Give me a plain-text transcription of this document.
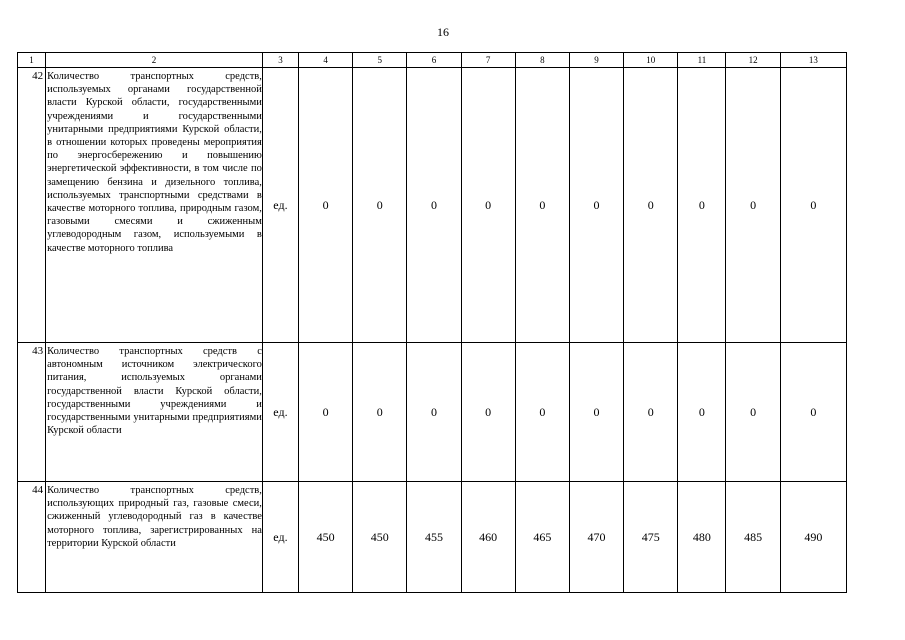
16
1	2	3	4	5	6	7	8	9	10	11	12	13
42	Количество транспортных средств, используемых органами государственной власти Курской области, государственными учреждениями и государственными унитарными предприятиями Курской области, в отношении которых проведены мероприятия по энергосбережению и повышению энергетической эффективности, в том числе по замещению бензина и дизельного топлива, используемых транспортными средствами в качестве моторного топлива, природным газом, газовыми смесями и сжиженным углеводородным газом, используемыми в качестве моторного топлива	ед.	0	0	0	0	0	0	0	0	0	0
43	Количество транспортных средств с автономным источником электрического питания, используемых органами государственной власти Курской области, государственными учреждениями и государственными унитарными предприятиями Курской области	ед.	0	0	0	0	0	0	0	0	0	0
44	Количество транспортных средств, использующих природный газ, газовые смеси, сжиженный углеводородный газ в качестве моторного топлива, зарегистрированных на территории Курской области	ед.	450	450	455	460	465	470	475	480	485	490
